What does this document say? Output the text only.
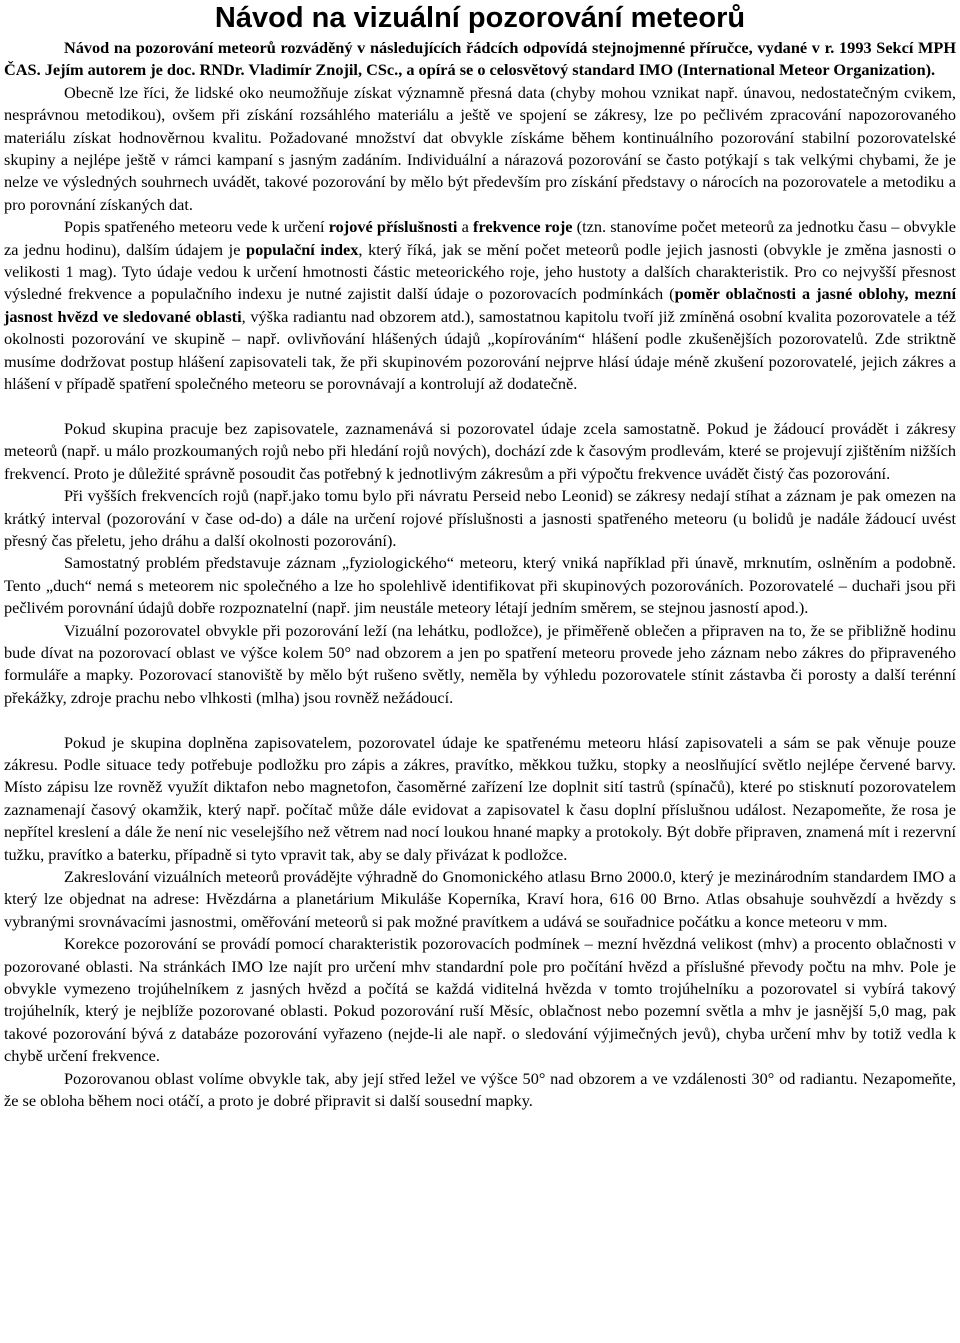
Návod na vizuální pozorování meteorů

Návod na pozorování meteorů rozváděný v následujících řádcích odpovídá stejnojmenné příručce, vydané v r. 1993 Sekcí MPH ČAS. Jejím autorem je doc. RNDr. Vladimír Znojil, CSc., a opírá se o celosvětový standard IMO (International Meteor Organization).

Obecně lze říci, že lidské oko neumožňuje získat významně přesná data (chyby mohou vznikat např. únavou, nedostatečným cvikem, nesprávnou metodikou), ovšem při získání rozsáhlého materiálu a ještě ve spojení se zákresy, lze po pečlivém zpracování napozorovaného materiálu získat hodnověrnou kvalitu. Požadované množství dat obvykle získáme během kontinuálního pozorování stabilní pozorovatelské skupiny a nejlépe ještě v rámci kampaní s jasným zadáním. Individuální a nárazová pozorování se často potýkají s tak velkými chybami, že je nelze ve výsledných souhrnech uvádět, takové pozorování by mělo být především pro získání představy o nárocích na pozorovatele a metodiku a pro porovnání získaných dat.

Popis spatřeného meteoru vede k určení rojové příslušnosti a frekvence roje (tzn. stanovíme počet meteorů za jednotku času – obvykle za jednu hodinu), dalším údajem je populační index, který říká, jak se mění počet meteorů podle jejich jasnosti (obvykle je změna jasnosti o velikosti 1 mag). Tyto údaje vedou k určení hmotnosti částic meteorického roje, jeho hustoty a dalších charakteristik. Pro co nejvyšší přesnost výsledné frekvence a populačního indexu je nutné zajistit další údaje o pozorovacích podmínkách (poměr oblačnosti a jasné oblohy, mezní jasnost hvězd ve sledované oblasti, výška radiantu nad obzorem atd.), samostatnou kapitolu tvoří již zmíněná osobní kvalita pozorovatele a též okolnosti pozorování ve skupině – např. ovlivňování hlášených údajů „kopírováním“ hlášení podle zkušenějších pozorovatelů. Zde striktně musíme dodržovat postup hlášení zapisovateli tak, že při skupinovém pozorování nejprve hlásí údaje méně zkušení pozorovatelé, jejich zákres a hlášení v případě spatření společného meteoru se porovnávají a kontrolují až dodatečně.

Pokud skupina pracuje bez zapisovatele, zaznamenává si pozorovatel údaje zcela samostatně. Pokud je žádoucí provádět i zákresy meteorů (např. u málo prozkoumaných rojů nebo při hledání rojů nových), dochází zde k časovým prodlevám, které se projevují zjištěním nižších frekvencí. Proto je důležité správně posoudit čas potřebný k jednotlivým zákresům a při výpočtu frekvence uvádět čistý čas pozorování.

Při vyšších frekvencích rojů (např.jako tomu bylo při návratu Perseid nebo Leonid) se zákresy nedají stíhat a záznam je pak omezen na krátký interval (pozorování v čase od-do) a dále na určení rojové příslušnosti a jasnosti spatřeného meteoru (u bolidů je nadále žádoucí uvést přesný čas přeletu, jeho dráhu a další okolnosti pozorování).

Samostatný problém představuje záznam „fyziologického“ meteoru, který vniká například při únavě, mrknutím, oslněním a podobně. Tento „duch“ nemá s meteorem nic společného a lze ho spolehlivě identifikovat při skupinových pozorováních. Pozorovatelé – duchaři jsou při pečlivém porovnání údajů dobře rozpoznatelní (např. jim neustále meteory létají jedním směrem, se stejnou jasností apod.).

Vizuální pozorovatel obvykle při pozorování leží (na lehátku, podložce), je přiměřeně oblečen a připraven na to, že se přibližně hodinu bude dívat na pozorovací oblast ve výšce kolem 50° nad obzorem a jen po spatření meteoru provede jeho záznam nebo zákres do připraveného formuláře a mapky. Pozorovací stanoviště by mělo být rušeno světly, neměla by výhledu pozorovatele stínit zástavba či porosty a další terénní překážky, zdroje prachu nebo vlhkosti (mlha) jsou rovněž nežádoucí.

Pokud je skupina doplněna zapisovatelem, pozorovatel údaje ke spatřenému meteoru hlásí zapisovateli a sám se pak věnuje pouze zákresu. Podle situace tedy potřebuje podložku pro zápis a zákres, pravítko, měkkou tužku, stopky a neoslňující světlo nejlépe červené barvy. Místo zápisu lze rovněž využít diktafon nebo magnetofon, časoměrné zařízení lze doplnit sití tastrů (spínačů), které po stisknutí pozorovatelem zaznamenají časový okamžik, který např. počítač může dále evidovat a zapisovatel k času doplní příslušnou událost. Nezapomeňte, že rosa je nepřítel kreslení a dále že není nic veselejšího než větrem nad nocí loukou hnané mapky a protokoly. Být dobře připraven, znamená mít i rezervní tužku, pravítko a baterku, případně si tyto vpravit tak, aby se daly přivázat k podložce.

Zakreslování vizuálních meteorů provádějte výhradně do Gnomonického atlasu Brno 2000.0, který je mezinárodním standardem IMO a který lze objednat na adrese: Hvězdárna a planetárium Mikuláše Koperníka, Kraví hora, 616 00 Brno. Atlas obsahuje souhvězdí a hvězdy s vybranými srovnávacími jasnostmi, oměřování meteorů si pak možné pravítkem a udává se souřadnice počátku a konce meteoru v mm.

Korekce pozorování se provádí pomocí charakteristik pozorovacích podmínek – mezní hvězdná velikost (mhv) a procento oblačnosti v pozorované oblasti. Na stránkách IMO lze najít pro určení mhv standardní pole pro počítání hvězd a příslušné převody počtu na mhv. Pole je obvykle vymezeno trojúhelníkem z jasných hvězd a počítá se každá viditelná hvězda v tomto trojúhelníku a pozorovatel si vybírá takový trojúhelník, který je nejblíže pozorované oblasti. Pokud pozorování ruší Měsíc, oblačnost nebo pozemní světla a mhv je jasnější 5,0 mag, pak takové pozorování bývá z databáze pozorování vyřazeno (nejde-li ale např. o sledování výjimečných jevů), chyba určení mhv by totiž vedla k chybě určení frekvence.

Pozorovanou oblast volíme obvykle tak, aby její střed ležel ve výšce 50° nad obzorem a ve vzdálenosti 30° od radiantu. Nezapomeňte, že se obloha během noci otáčí, a proto je dobré připravit si další sousední mapky.
